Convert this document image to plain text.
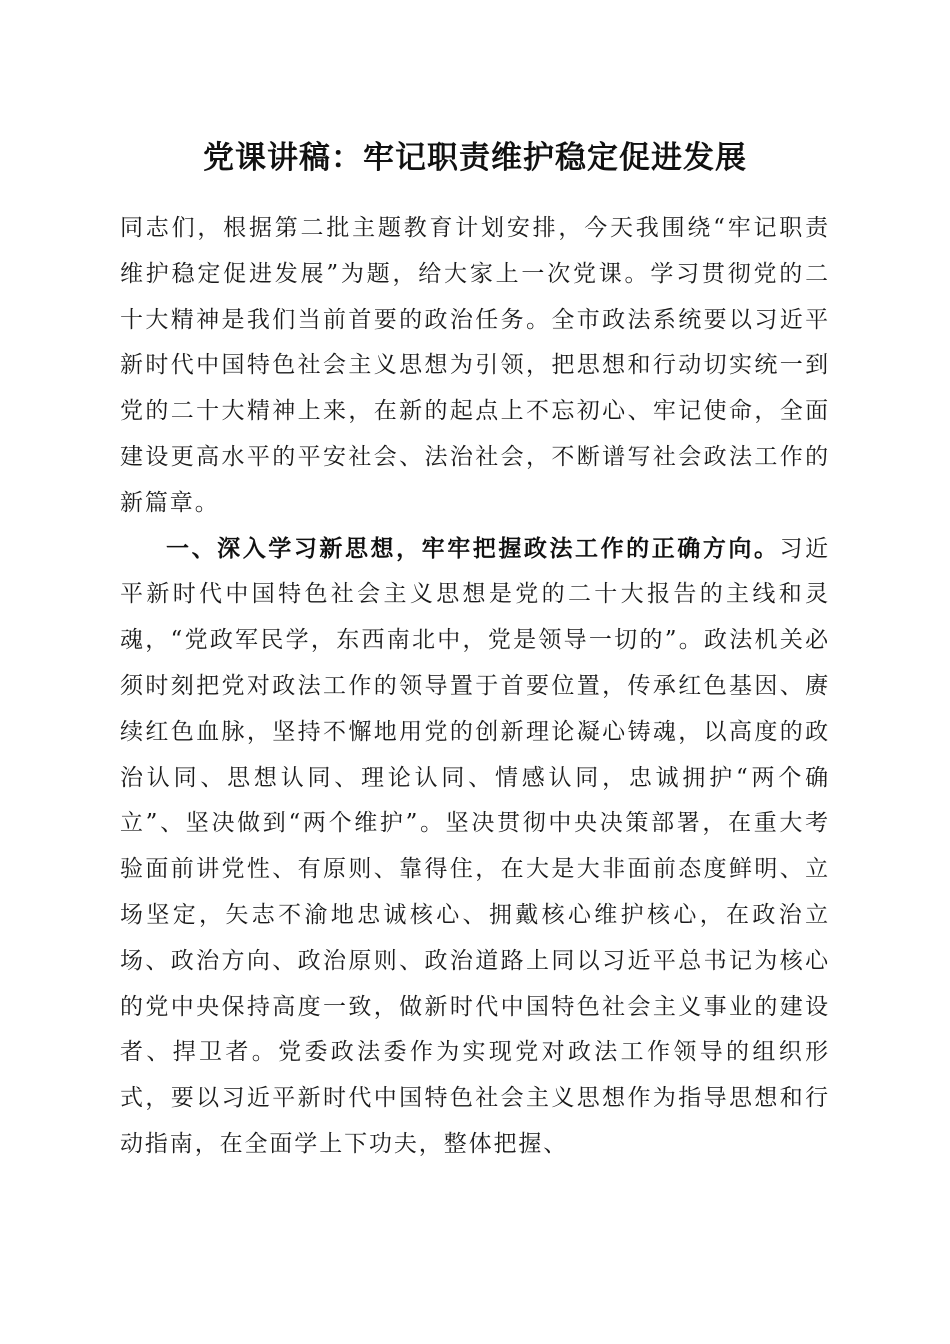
党课讲稿：牢记职责维护稳定促进发展

同志们，根据第二批主题教育计划安排，今天我围绕“牢记职责维护稳定促进发展”为题，给大家上一次党课。学习贯彻党的二十大精神是我们当前首要的政治任务。全市政法系统要以习近平新时代中国特色社会主义思想为引领，把思想和行动切实统一到党的二十大精神上来，在新的起点上不忘初心、牢记使命，全面建设更高水平的平安社会、法治社会，不断谱写社会政法工作的新篇章。

一、深入学习新思想，牢牢把握政法工作的正确方向。习近平新时代中国特色社会主义思想是党的二十大报告的主线和灵魂，“党政军民学，东西南北中，党是领导一切的”。政法机关必须时刻把党对政法工作的领导置于首要位置，传承红色基因、赓续红色血脉，坚持不懈地用党的创新理论凝心铸魂，以高度的政治认同、思想认同、理论认同、情感认同，忠诚拥护“两个确立”、坚决做到“两个维护”。坚决贯彻中央决策部署，在重大考验面前讲党性、有原则、靠得住，在大是大非面前态度鲜明、立场坚定，矢志不渝地忠诚核心、拥戴核心维护核心，在政治立场、政治方向、政治原则、政治道路上同以习近平总书记为核心的党中央保持高度一致，做新时代中国特色社会主义事业的建设者、捍卫者。党委政法委作为实现党对政法工作领导的组织形式，要以习近平新时代中国特色社会主义思想作为指导思想和行动指南，在全面学上下功夫，整体把握、
